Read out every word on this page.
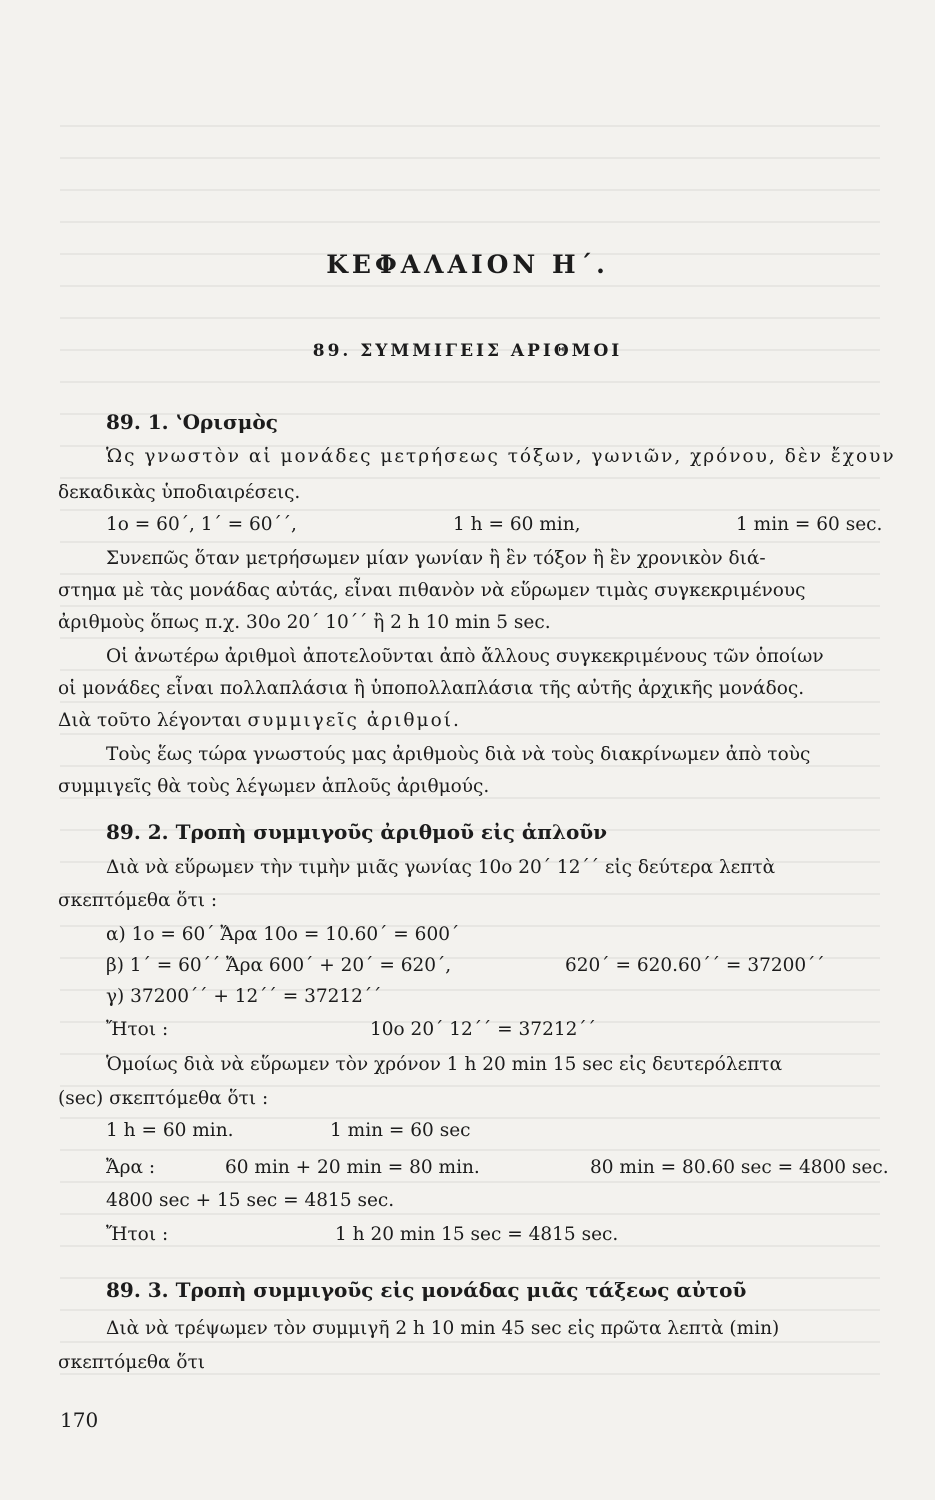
ΚΕΦΑΛΑΙΟΝ Η΄.
89. ΣΥΜΜΙΓΕΙΣ ΑΡΙΘΜΟΙ
89. 1. ʽΟρισμὸς
Ὡς γνωστὸν αἱ μονάδες μετρήσεως τόξων, γωνιῶν, χρόνου, δὲν ἔχουν
δεκαδικὰς ὑποδιαιρέσεις.
1ο = 60΄, 1΄ = 60΄΄,	1 h = 60 min,	1 min = 60 sec.
Συνεπῶς ὅταν μετρήσωμεν μίαν γωνίαν ἢ ἓν τόξον ἢ ἓν χρονικὸν διά-
στημα μὲ τὰς μονάδας αὐτάς, εἶναι πιθανὸν νὰ εὕρωμεν τιμὰς συγκεκριμένους
ἀριθμοὺς ὅπως π.χ. 30ο 20΄ 10΄΄ ἢ 2 h 10 min 5 sec.
Οἱ ἀνωτέρω ἀριθμοὶ ἀποτελοῦνται ἀπὸ ἄλλους συγκεκριμένους τῶν ὁποίων
οἱ μονάδες εἶναι πολλαπλάσια ἢ ὑποπολλαπλάσια τῆς αὐτῆς ἀρχικῆς μονάδος.
Διὰ τοῦτο λέγονται συμμιγεῖς ἀριθμοί.
Τοὺς ἕως τώρα γνωστούς μας ἀριθμοὺς διὰ νὰ τοὺς διακρίνωμεν ἀπὸ τοὺς
συμμιγεῖς θὰ τοὺς λέγωμεν ἁπλοῦς ἀριθμούς.
89. 2. Τροπὴ συμμιγοῦς ἀριθμοῦ εἰς ἁπλοῦν
Διὰ νὰ εὕρωμεν τὴν τιμὴν μιᾶς γωνίας 10ο 20΄ 12΄΄ εἰς δεύτερα λεπτὰ
σκεπτόμεθα ὅτι :
α) 1ο = 60΄ Ἄρα 10ο = 10.60΄ = 600΄
β) 1΄ = 60΄΄ Ἄρα 600΄ + 20΄ = 620΄,	620΄ = 620.60΄΄ = 37200΄΄
γ) 37200΄΄ + 12΄΄ = 37212΄΄
Ἤτοι :	10ο 20΄ 12΄΄ = 37212΄΄
Ὁμοίως διὰ νὰ εὕρωμεν τὸν χρόνον 1 h 20 min 15 sec εἰς δευτερόλεπτα
(sec) σκεπτόμεθα ὅτι :
1 h = 60 min.	1 min = 60 sec
Ἄρα :	60 min + 20 min = 80 min.	80 min = 80.60 sec = 4800 sec.
4800 sec + 15 sec = 4815 sec.
Ἤτοι :	1 h 20 min 15 sec = 4815 sec.
89. 3. Τροπὴ συμμιγοῦς εἰς μονάδας μιᾶς τάξεως αὐτοῦ
Διὰ νὰ τρέψωμεν τὸν συμμιγῆ 2 h 10 min 45 sec εἰς πρῶτα λεπτὰ (min)
σκεπτόμεθα ὅτι
170
